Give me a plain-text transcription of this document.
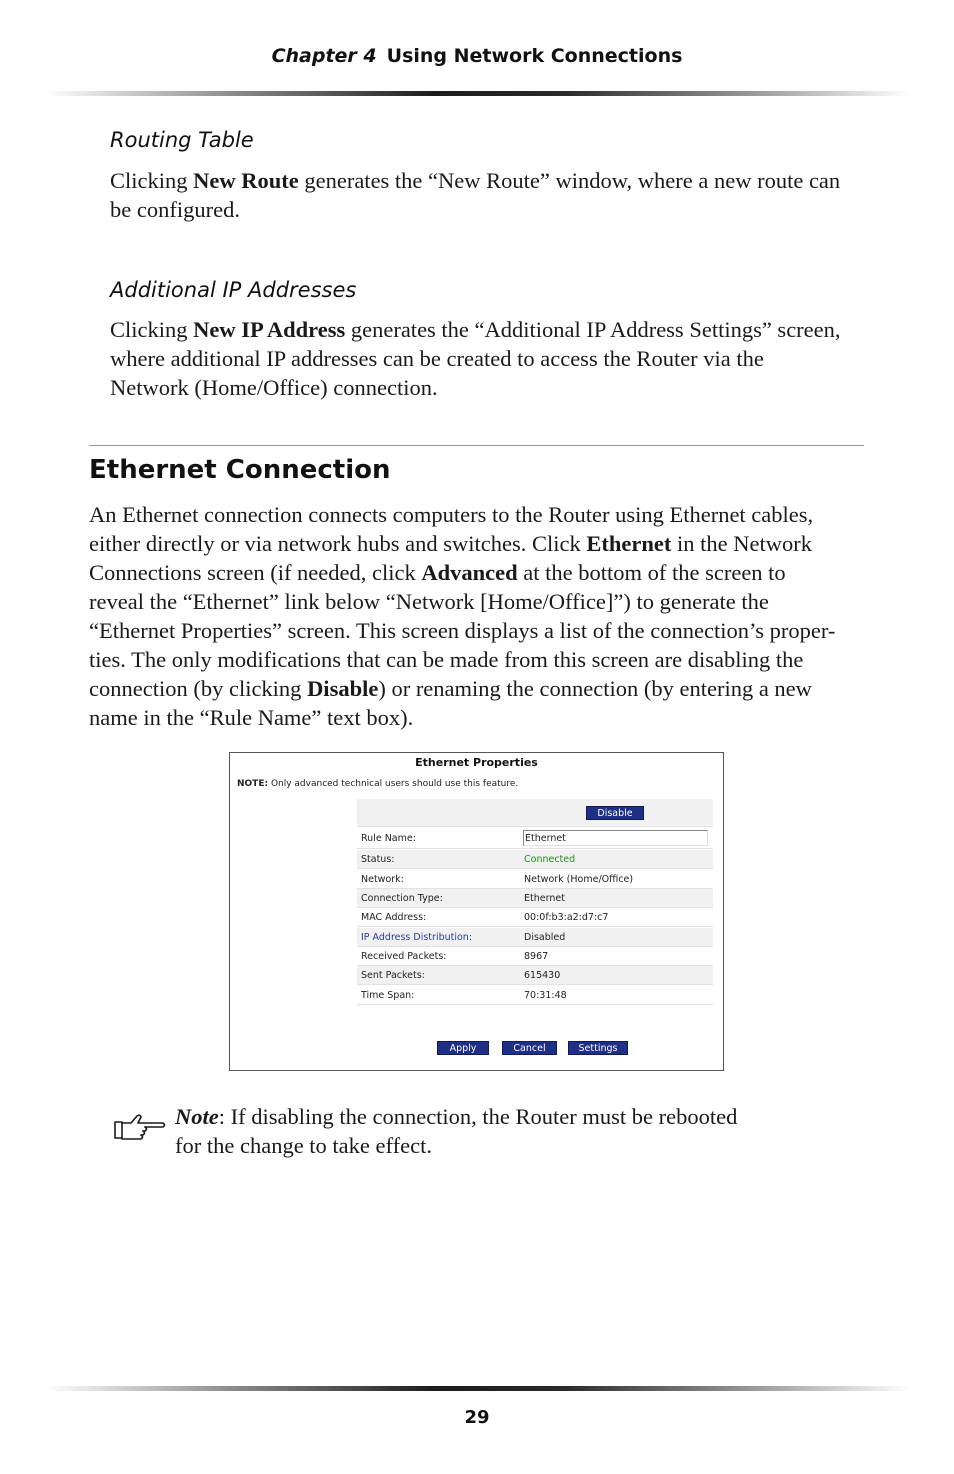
Chapter 4 Using Network Connections
Routing Table
Clicking New Route generates the “New Route” window, where a new route can
be configured.
Additional IP Addresses
Clicking New IP Address generates the “Additional IP Address Settings” screen,
where additional IP addresses can be created to access the Router via the
Network (Home/Office) connection.
Ethernet Connection
An Ethernet connection connects computers to the Router using Ethernet cables,
either directly or via network hubs and switches. Click Ethernet in the Network
Connections screen (if needed, click Advanced at the bottom of the screen to
reveal the “Ethernet” link below “Network [Home/Office]”) to generate the
“Ethernet Properties” screen. This screen displays a list of the connection’s proper-
ties. The only modifications that can be made from this screen are disabling the
connection (by clicking Disable) or renaming the connection (by entering a new
name in the “Rule Name” text box).
Ethernet Properties
NOTE: Only advanced technical users should use this feature.
Disable
Rule Name:
Ethernet
Status:	Connected
Network:	Network (Home/Office)
Connection Type:	Ethernet
MAC Address:	00:0f:b3:a2:d7:c7
IP Address Distribution:	Disabled
Received Packets:	8967
Sent Packets:	615430
Time Span:	70:31:48
Apply	Cancel	Settings
Note: If disabling the connection, the Router must be rebooted
for the change to take effect.
29
